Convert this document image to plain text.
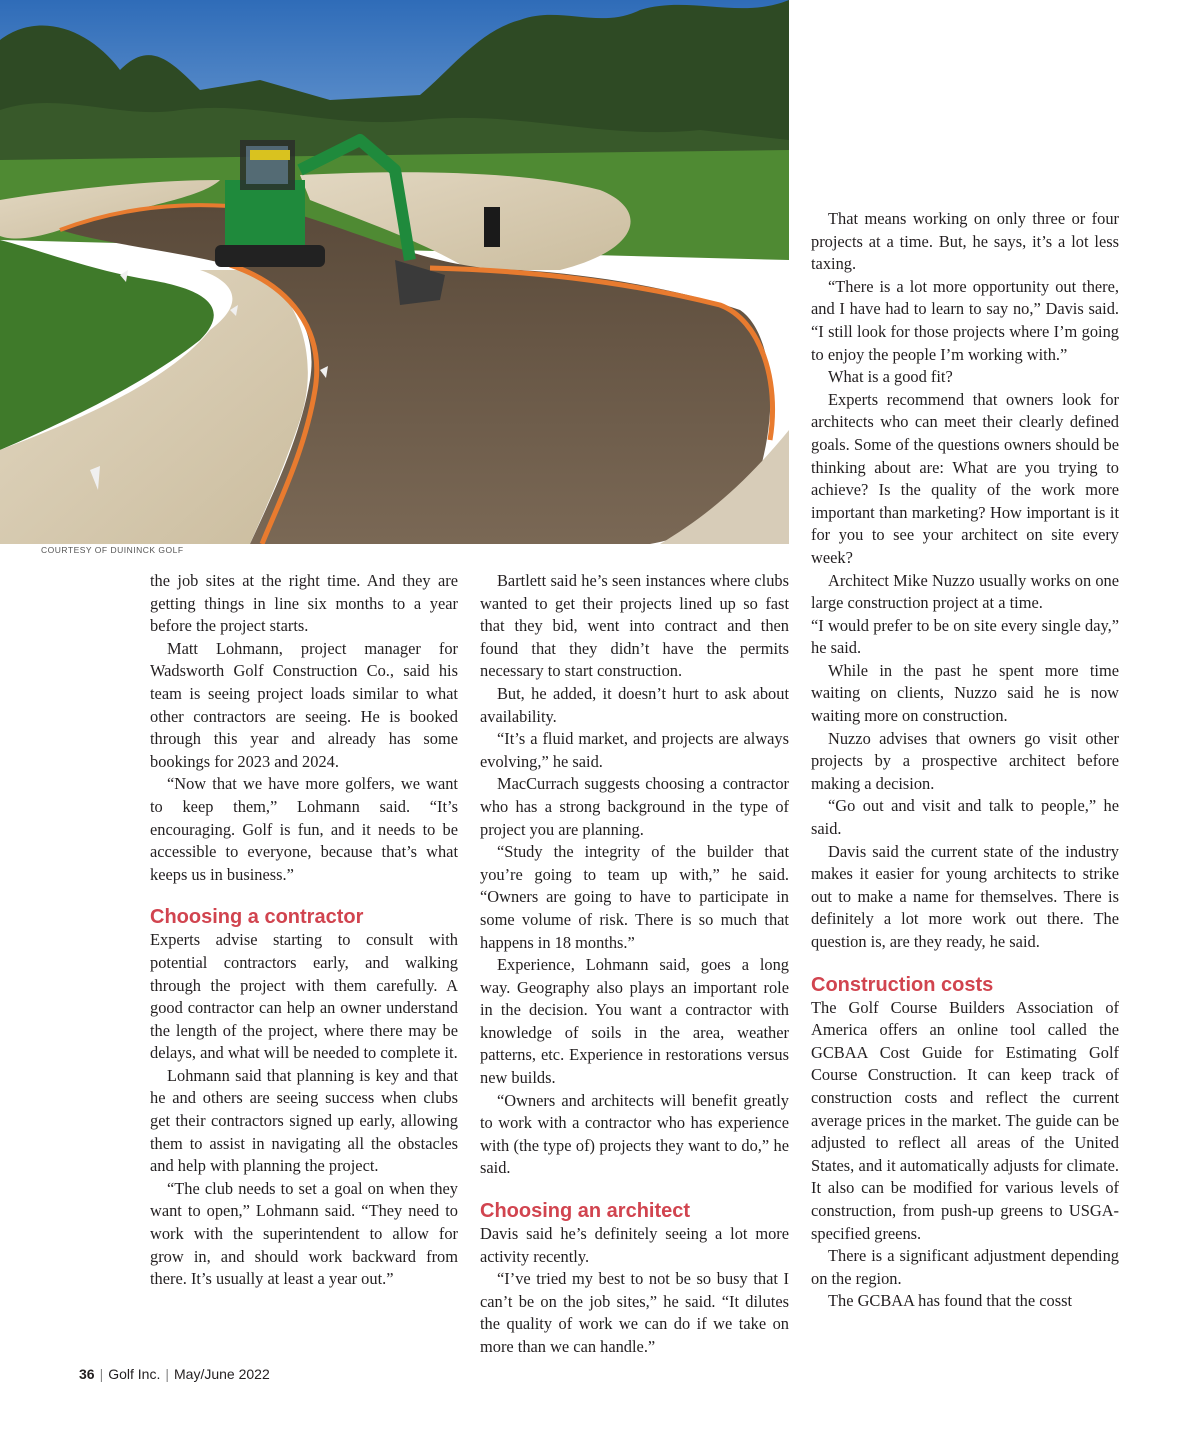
COURTESY OF DUININCK GOLF

the job sites at the right time. And they are getting things in line six months to a year before the project starts.

Matt Lohmann, project manager for Wadsworth Golf Construction Co., said his team is seeing project loads similar to what other contractors are seeing. He is booked through this year and already has some bookings for 2023 and 2024.

“Now that we have more golfers, we want to keep them,” Lohmann said. “It’s encouraging. Golf is fun, and it needs to be accessible to everyone, because that’s what keeps us in business.”

Choosing a contractor

Experts advise starting to consult with potential contractors early, and walking through the project with them carefully. A good contractor can help an owner understand the length of the project, where there may be delays, and what will be needed to complete it.

Lohmann said that planning is key and that he and others are seeing success when clubs get their contractors signed up early, allowing them to assist in navigating all the obstacles and help with planning the project.

“The club needs to set a goal on when they want to open,” Lohmann said. “They need to work with the superintendent to allow for grow in, and should work backward from there. It’s usually at least a year out.”

Bartlett said he’s seen instances where clubs wanted to get their projects lined up so fast that they bid, went into contract and then found that they didn’t have the permits necessary to start construction.

But, he added, it doesn’t hurt to ask about availability.

“It’s a fluid market, and projects are always evolving,” he said.

MacCurrach suggests choosing a contractor who has a strong background in the type of project you are planning.

“Study the integrity of the builder that you’re going to team up with,” he said. “Owners are going to have to participate in some volume of risk. There is so much that happens in 18 months.”

Experience, Lohmann said, goes a long way. Geography also plays an important role in the decision. You want a contractor with knowledge of soils in the area, weather patterns, etc. Experience in restorations versus new builds.

“Owners and architects will benefit greatly to work with a contractor who has experience with (the type of) projects they want to do,” he said.

Choosing an architect

Davis said he’s definitely seeing a lot more activity recently.

“I’ve tried my best to not be so busy that I can’t be on the job sites,” he said. “It dilutes the quality of work we can do if we take on more than we can handle.”

That means working on only three or four projects at a time. But, he says, it’s a lot less taxing.

“There is a lot more opportunity out there, and I have had to learn to say no,” Davis said. “I still look for those projects where I’m going to enjoy the people I’m working with.”

What is a good fit?

Experts recommend that owners look for architects who can meet their clearly defined goals. Some of the questions owners should be thinking about are: What are you trying to achieve? Is the quality of the work more important than marketing? How important is it for you to see your architect on site every week?

Architect Mike Nuzzo usually works on one large construction project at a time.

“I would prefer to be on site every single day,” he said.

While in the past he spent more time waiting on clients, Nuzzo said he is now waiting more on construction.

Nuzzo advises that owners go visit other projects by a prospective architect before making a decision.

“Go out and visit and talk to people,” he said.

Davis said the current state of the industry makes it easier for young architects to strike out to make a name for themselves. There is definitely a lot more work out there. The question is, are they ready, he said.

Construction costs

The Golf Course Builders Association of America offers an online tool called the GCBAA Cost Guide for Estimating Golf Course Construction. It can keep track of construction costs and reflect the current average prices in the market. The guide can be adjusted to reflect all areas of the United States, and it automatically adjusts for climate. It also can be modified for various levels of construction, from push-up greens to USGA-specified greens.

There is a significant adjustment depending on the region.

The GCBAA has found that the cosst

36 | Golf Inc. | May/June 2022
